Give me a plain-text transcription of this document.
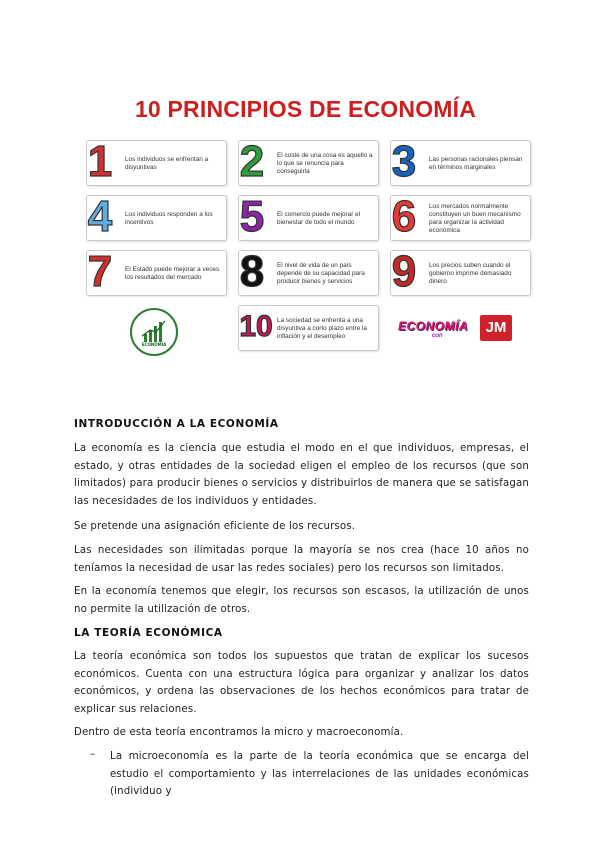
10 PRINCIPIOS DE ECONOMÍA
1	Los individuos se enfrentan a disyuntivas	2	El coste de una cosa es aquello a lo que se renuncia para conseguirla	3	Las personas racionales piensan en términos marginales
4	Los individuos responden a los incentivos	5	El comercio puede mejorar el bienestar de todo el mundo 6	Los mercados normalmente constituyen un buen mecanismo para organizar la actividad económica
7	El Estado puede mejorar a veces los resultados del mercado 8	El nivel de vida de un país depende de su capacidad para producir bienes y servicios 9	Los precios suben cuando el gobierno imprime demasiado dinero
ECONOMÍA
10 La sociedad se enfrenta a una disyuntiva a corto plazo entre la inflación y el desempleo
ECONOMÍA
con	JM
INTRODUCCIÓN A LA ECONOMÍA
La economía es la ciencia que estudia el modo en el que individuos, empresas, el estado, y otras entidades de la sociedad eligen el empleo de los recursos (que son limitados) para producir bienes o servicios y distribuirlos de manera que se satisfagan las necesidades de los individuos y entidades.
Se pretende una asignación eficiente de los recursos.
Las necesidades son ilimitadas porque la mayoría se nos crea (hace 10 años no teníamos la necesidad de usar las redes sociales) pero los recursos son limitados.
En la economía tenemos que elegir, los recursos son escasos, la utilización de unos no permite la utilización de otros.
LA TEORÍA ECONÓMICA
La teoría económica son todos los supuestos que tratan de explicar los sucesos económicos. Cuenta con una estructura lógica para organizar y analizar los datos económicos, y ordena las observaciones de los hechos económicos para tratar de explicar sus relaciones.
Dentro de esta teoría encontramos la micro y macroeconomía.
– La microeconomía es la parte de la teoría económica que se encarga del estudio el comportamiento y las interrelaciones de las unidades económicas (individuo y
